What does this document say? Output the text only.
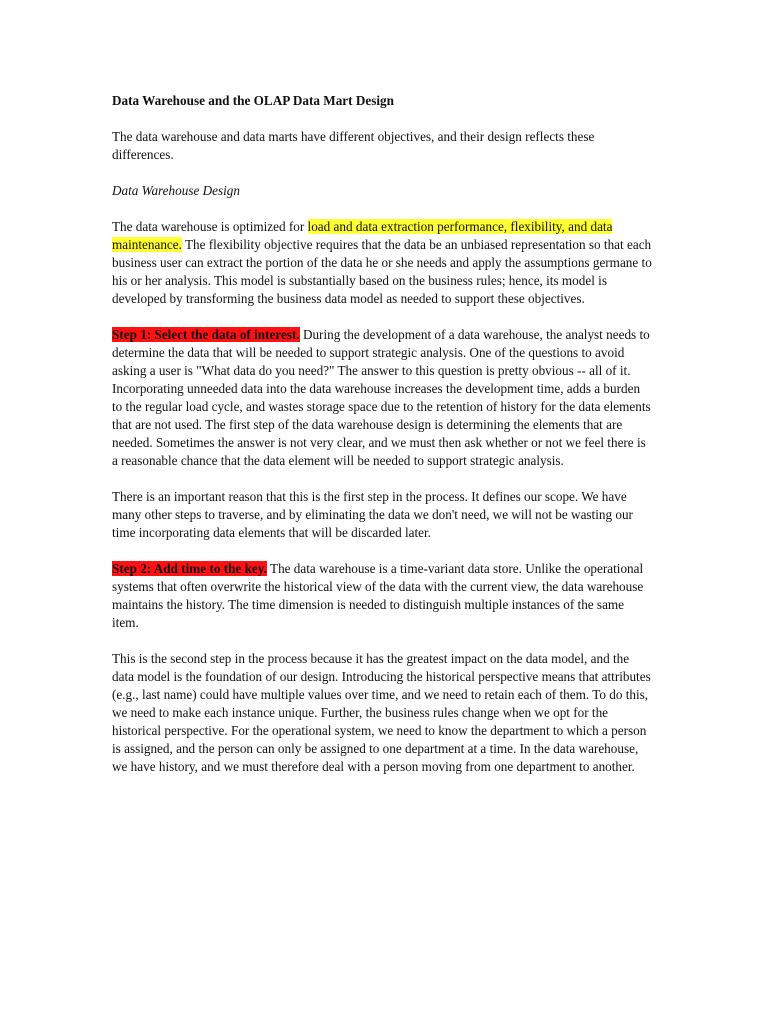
Data Warehouse and the OLAP Data Mart Design

The data warehouse and data marts have different objectives, and their design reflects these differences.

Data Warehouse Design

The data warehouse is optimized for load and data extraction performance, flexibility, and data maintenance. The flexibility objective requires that the data be an unbiased representation so that each business user can extract the portion of the data he or she needs and apply the assumptions germane to his or her analysis. This model is substantially based on the business rules; hence, its model is developed by transforming the business data model as needed to support these objectives.

Step 1: Select the data of interest. During the development of a data warehouse, the analyst needs to determine the data that will be needed to support strategic analysis. One of the questions to avoid asking a user is "What data do you need?" The answer to this question is pretty obvious -- all of it. Incorporating unneeded data into the data warehouse increases the development time, adds a burden to the regular load cycle, and wastes storage space due to the retention of history for the data elements that are not used. The first step of the data warehouse design is determining the elements that are needed. Sometimes the answer is not very clear, and we must then ask whether or not we feel there is a reasonable chance that the data element will be needed to support strategic analysis.

There is an important reason that this is the first step in the process. It defines our scope. We have many other steps to traverse, and by eliminating the data we don't need, we will not be wasting our time incorporating data elements that will be discarded later.

Step 2: Add time to the key. The data warehouse is a time-variant data store. Unlike the operational systems that often overwrite the historical view of the data with the current view, the data warehouse maintains the history. The time dimension is needed to distinguish multiple instances of the same item.

This is the second step in the process because it has the greatest impact on the data model, and the data model is the foundation of our design. Introducing the historical perspective means that attributes (e.g., last name) could have multiple values over time, and we need to retain each of them. To do this, we need to make each instance unique. Further, the business rules change when we opt for the historical perspective. For the operational system, we need to know the department to which a person is assigned, and the person can only be assigned to one department at a time. In the data warehouse, we have history, and we must therefore deal with a person moving from one department to another.
